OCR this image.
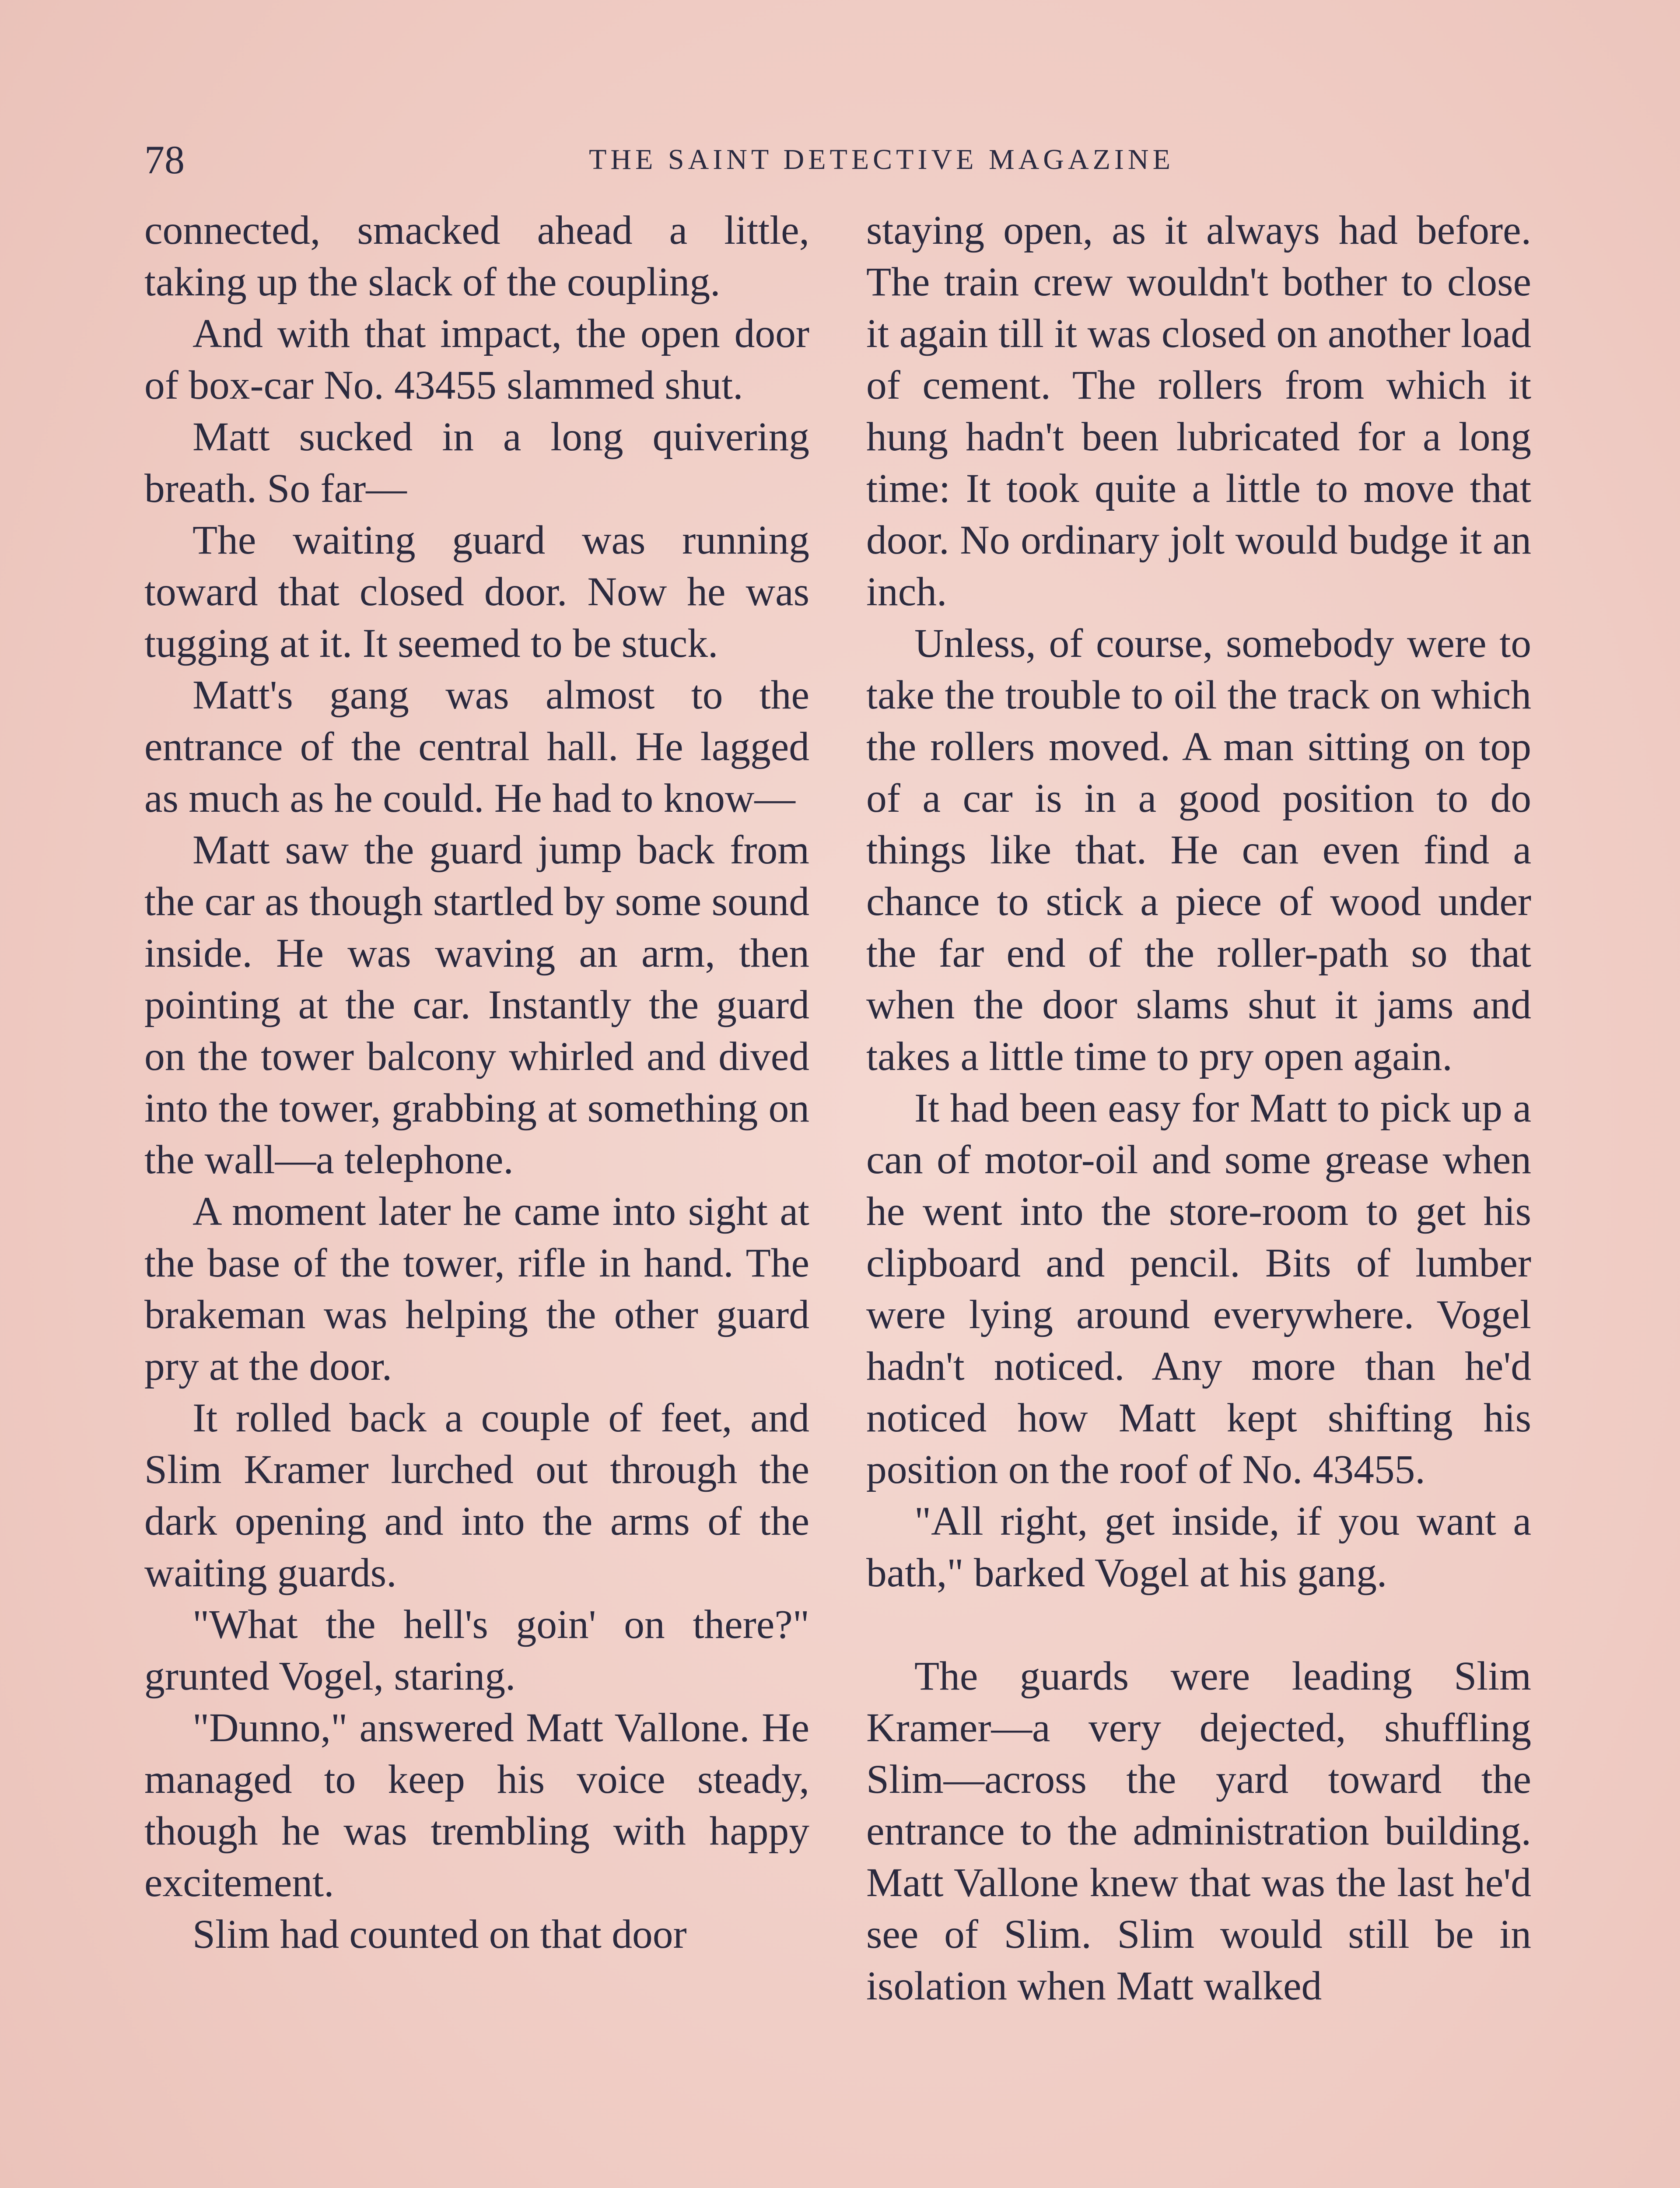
78	THE SAINT DETECTIVE MAGAZINE

connected, smacked ahead a little, taking up the slack of the coupling.

And with that impact, the open door of box-car No. 43455 slammed shut.

Matt sucked in a long quivering breath. So far—

The waiting guard was running toward that closed door. Now he was tugging at it. It seemed to be stuck.

Matt's gang was almost to the entrance of the central hall. He lagged as much as he could. He had to know—

Matt saw the guard jump back from the car as though startled by some sound inside. He was waving an arm, then pointing at the car. Instantly the guard on the tower balcony whirled and dived into the tower, grabbing at something on the wall—a telephone.

A moment later he came into sight at the base of the tower, rifle in hand. The brakeman was helping the other guard pry at the door.

It rolled back a couple of feet, and Slim Kramer lurched out through the dark opening and into the arms of the waiting guards.

"What the hell's goin' on there?" grunted Vogel, staring.

"Dunno," answered Matt Vallone. He managed to keep his voice steady, though he was trembling with happy excitement.

Slim had counted on that door

staying open, as it always had before. The train crew wouldn't bother to close it again till it was closed on another load of cement. The rollers from which it hung hadn't been lubricated for a long time: It took quite a little to move that door. No ordinary jolt would budge it an inch.

Unless, of course, somebody were to take the trouble to oil the track on which the rollers moved. A man sitting on top of a car is in a good position to do things like that. He can even find a chance to stick a piece of wood under the far end of the roller-path so that when the door slams shut it jams and takes a little time to pry open again.

It had been easy for Matt to pick up a can of motor-oil and some grease when he went into the store-room to get his clipboard and pencil. Bits of lumber were lying around everywhere. Vogel hadn't noticed. Any more than he'd noticed how Matt kept shifting his position on the roof of No. 43455.

"All right, get inside, if you want a bath," barked Vogel at his gang.

The guards were leading Slim Kramer—a very dejected, shuffling Slim—across the yard toward the entrance to the administration building. Matt Vallone knew that was the last he'd see of Slim. Slim would still be in isolation when Matt walked
